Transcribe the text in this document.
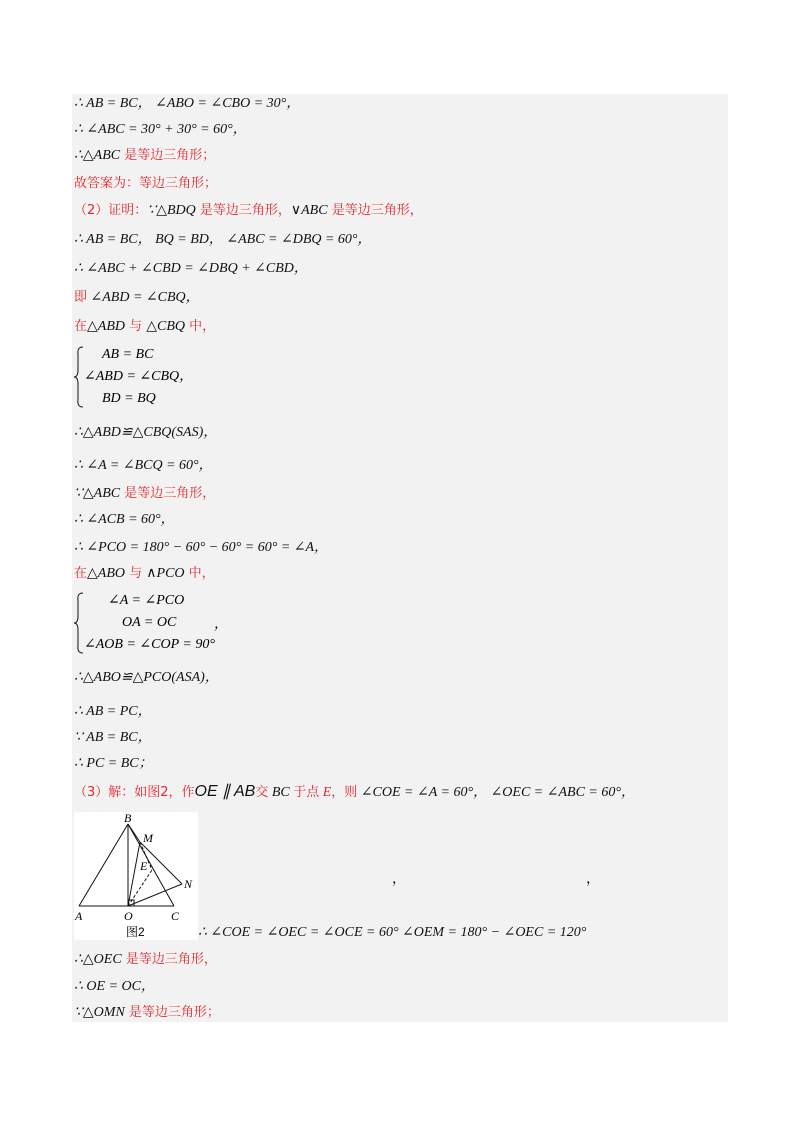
∴ AB = BC， ∠ABO = ∠CBO = 30°，
∴ ∠ABC = 30° + 30° = 60°，
∴△ABC 是等边三角形；
故答案为：等边三角形；
（2）证明：∵△BDQ 是等边三角形，∨ABC 是等边三角形，
∴ AB = BC， BQ = BD， ∠ABC = ∠DBQ = 60°，
∴ ∠ABC + ∠CBD = ∠DBQ + ∠CBD，
即 ∠ABD = ∠CBQ，
在△ABD 与 △CBQ 中，
AB = BC
∠ABD = ∠CBQ，
BD = BQ
∴△ABD≌△CBQ(SAS)，
∴ ∠A = ∠BCQ = 60°，
∵△ABC 是等边三角形，
∴ ∠ACB = 60°，
∴ ∠PCO = 180° − 60° − 60° = 60° = ∠A，
在△ABO 与 ∧PCO 中，
∠A = ∠PCO
OA = OC
∠AOB = ∠COP = 90°
，
∴△ABO≌△PCO(ASA)，
∴ AB = PC，
∵ AB = BC，
∴ PC = BC；
（3）解：如图2，作OE ∥ AB交 BC 于点 E，则 ∠COE = ∠A = 60°， ∠OEC = ∠ABC = 60°，
B
M
E
N
A	O	C
图2
，	，
∴ ∠COE = ∠OEC = ∠OCE = 60° ∠OEM = 180° − ∠OEC = 120°
∴△OEC 是等边三角形，
∴ OE = OC，
∵△OMN 是等边三角形；
